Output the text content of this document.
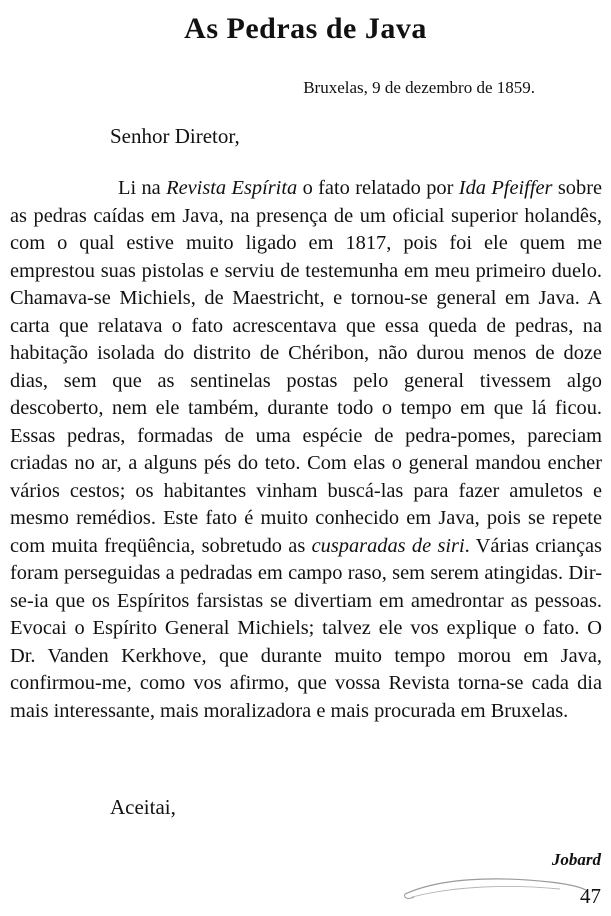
As Pedras de Java
Bruxelas, 9 de dezembro de 1859.
Senhor Diretor,

Li na Revista Espírita o fato relatado por Ida Pfeiffer sobre as pedras caídas em Java, na presença de um oficial superior holandês, com o qual estive muito ligado em 1817, pois foi ele quem me emprestou suas pistolas e serviu de testemunha em meu primeiro duelo. Chamava-se Michiels, de Maestricht, e tornou-se general em Java. A carta que relatava o fato acrescentava que essa queda de pedras, na habitação isolada do distrito de Chéribon, não durou menos de doze dias, sem que as sentinelas postas pelo general tivessem algo descoberto, nem ele também, durante todo o tempo em que lá ficou. Essas pedras, formadas de uma espécie de pedra-pomes, pareciam criadas no ar, a alguns pés do teto. Com elas o general mandou encher vários cestos; os habitantes vinham buscá-las para fazer amuletos e mesmo remédios. Este fato é muito conhecido em Java, pois se repete com muita freqüência, sobretudo as cusparadas de siri. Várias crianças foram perseguidas a pedradas em campo raso, sem serem atingidas. Dir-se-ia que os Espíritos farsistas se divertiam em amedrontar as pessoas. Evocai o Espírito General Michiels; talvez ele vos explique o fato. O Dr. Vanden Kerkhove, que durante muito tempo morou em Java, confirmou-me, como vos afirmo, que vossa Revista torna-se cada dia mais interessante, mais moralizadora e mais procurada em Bruxelas.

Aceitai,
Jobard
47
